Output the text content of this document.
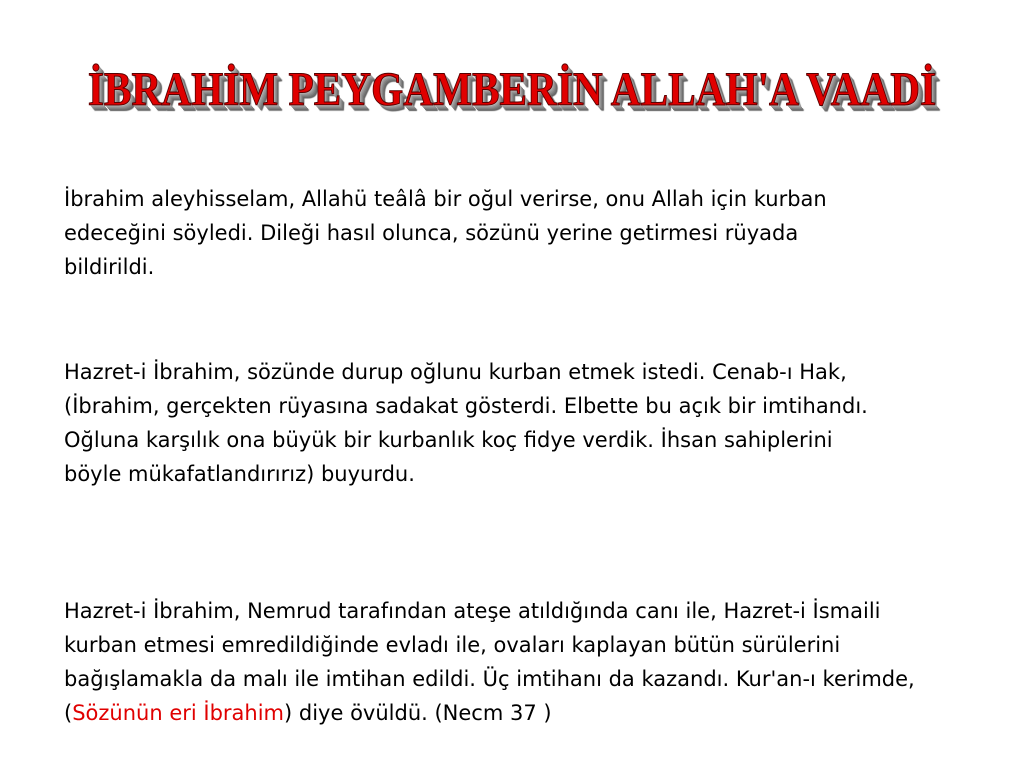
İBRAHİM PEYGAMBERİN ALLAH'A VAADİ

İbrahim aleyhisselam, Allahü teâlâ bir oğul verirse, onu Allah için kurban edeceğini söyledi. Dileği hasıl olunca, sözünü yerine getirmesi rüyada bildirildi.

Hazret-i İbrahim, sözünde durup oğlunu kurban etmek istedi. Cenab-ı Hak, (İbrahim, gerçekten rüyasına sadakat gösterdi. Elbette bu açık bir imtihandı. Oğluna karşılık ona büyük bir kurbanlık koç fidye verdik. İhsan sahiplerini böyle mükafatlandırırız) buyurdu.

Hazret-i İbrahim, Nemrud tarafından ateşe atıldığında canı ile, Hazret-i İsmaili kurban etmesi emredildiğinde evladı ile, ovaları kaplayan bütün sürülerini bağışlamakla da malı ile imtihan edildi. Üç imtihanı da kazandı. Kur'an-ı kerimde,(Sözünün eri İbrahim) diye övüldü. (Necm 37 )
